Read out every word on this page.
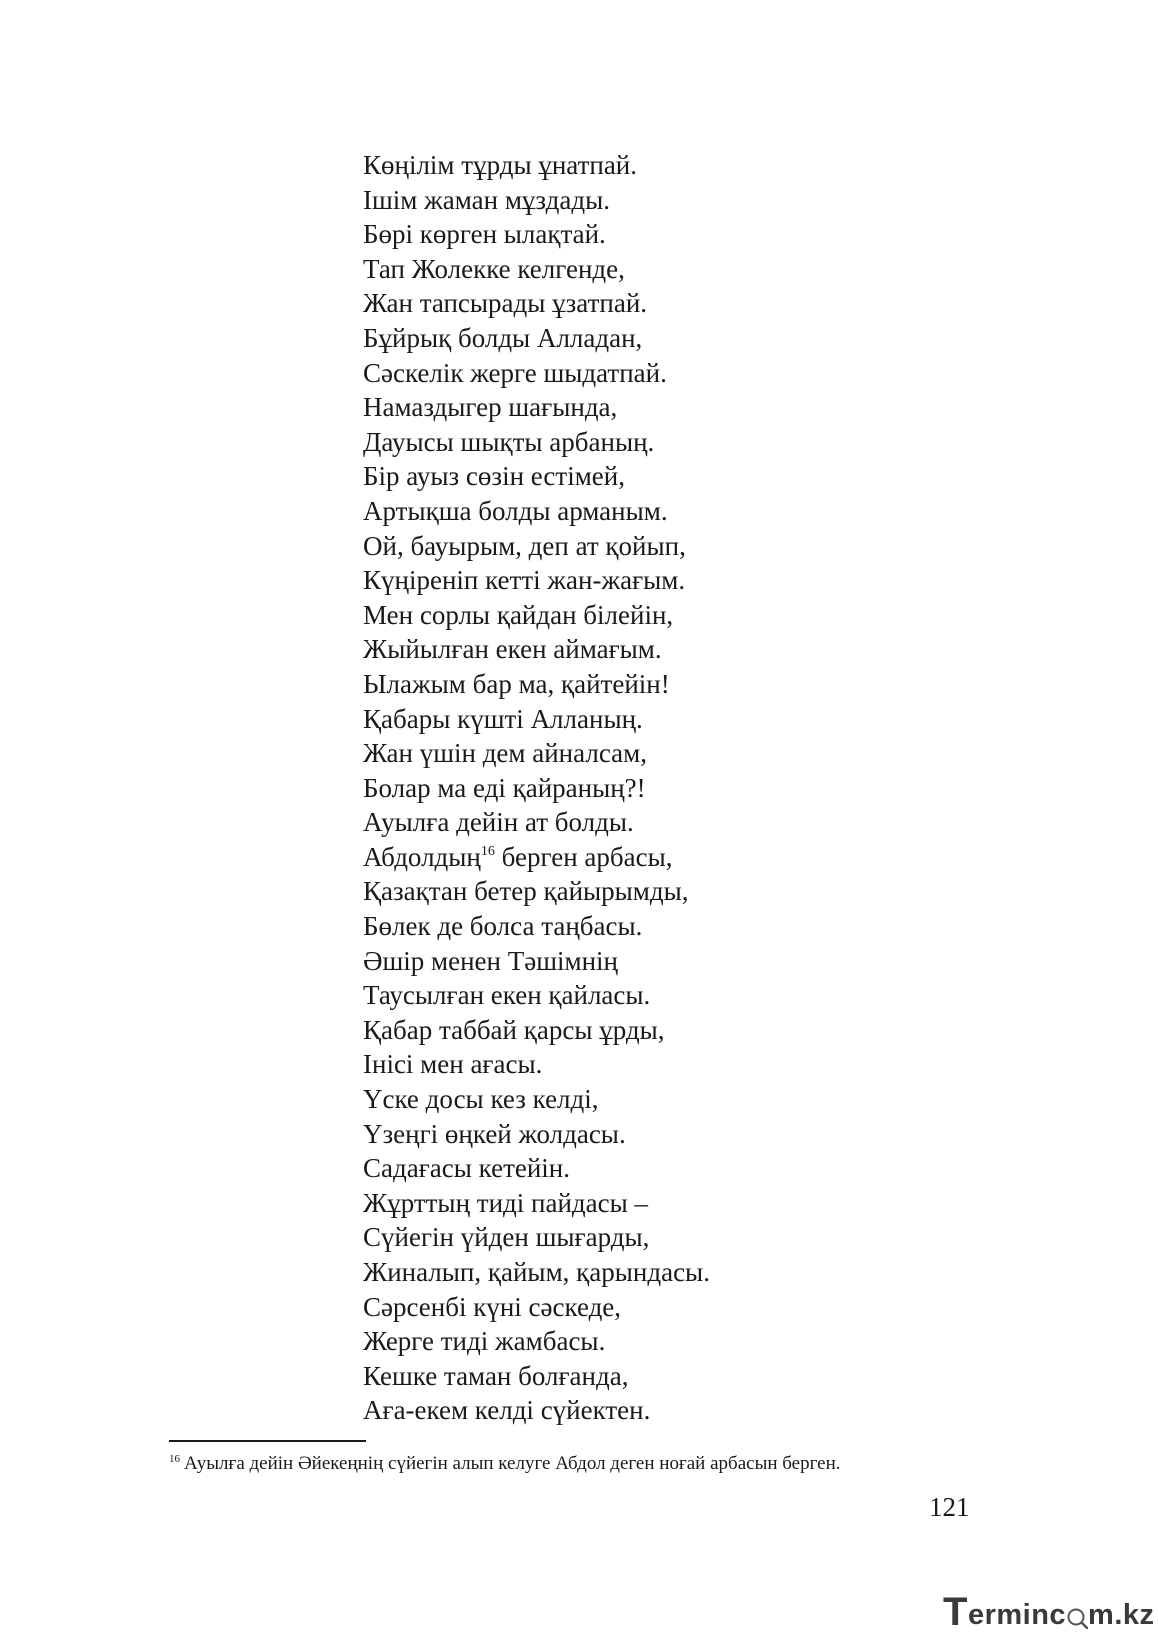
Көңілім тұрды ұнатпай.
Ішім жаман мұздады.
Бөрі көрген ылақтай.
Тап Жолекке келгенде,
Жан тапсырады ұзатпай.
Бұйрық болды Алладан,
Сәскелік жерге шыдатпай.
Намаздыгер шағында,
Дауысы шықты арбаның.
Бір ауыз сөзін естімей,
Артықша болды арманым.
Ой, бауырым, деп ат қойып,
Күңіреніп кетті жан-жағым.
Мен сорлы қайдан білейін,
Жыйылған екен аймағым.
Ылажым бар ма, қайтейін!
Қабары күшті Алланың.
Жан үшін дем айналсам,
Болар ма еді қайраның?!
Ауылға дейін ат болды.
Абдолдың$^{16}$ берген арбасы,
Қазақтан бетер қайырымды,
Бөлек де болса таңбасы.
Әшір менен Тәшімнің
Таусылған екен қайласы.
Қабар таббай қарсы ұрды,
Інісі мен ағасы.
Үске досы кез келді,
Үзеңгі өңкей жолдасы.
Садағасы кетейін.
Жұрттың тиді пайдасы –
Сүйегін үйден шығарды,
Жиналып, қайым, қарындасы.
Сәрсенбі күні сәскеде,
Жерге тиді жамбасы.
Кешке таман болғанда,
Аға-екем келді сүйектен.
$^{16}$ Ауылға дейін Әйекеңнің сүйегін алып келуге Абдол деген ноғай арбасын берген.
121
T erminc m.kz
